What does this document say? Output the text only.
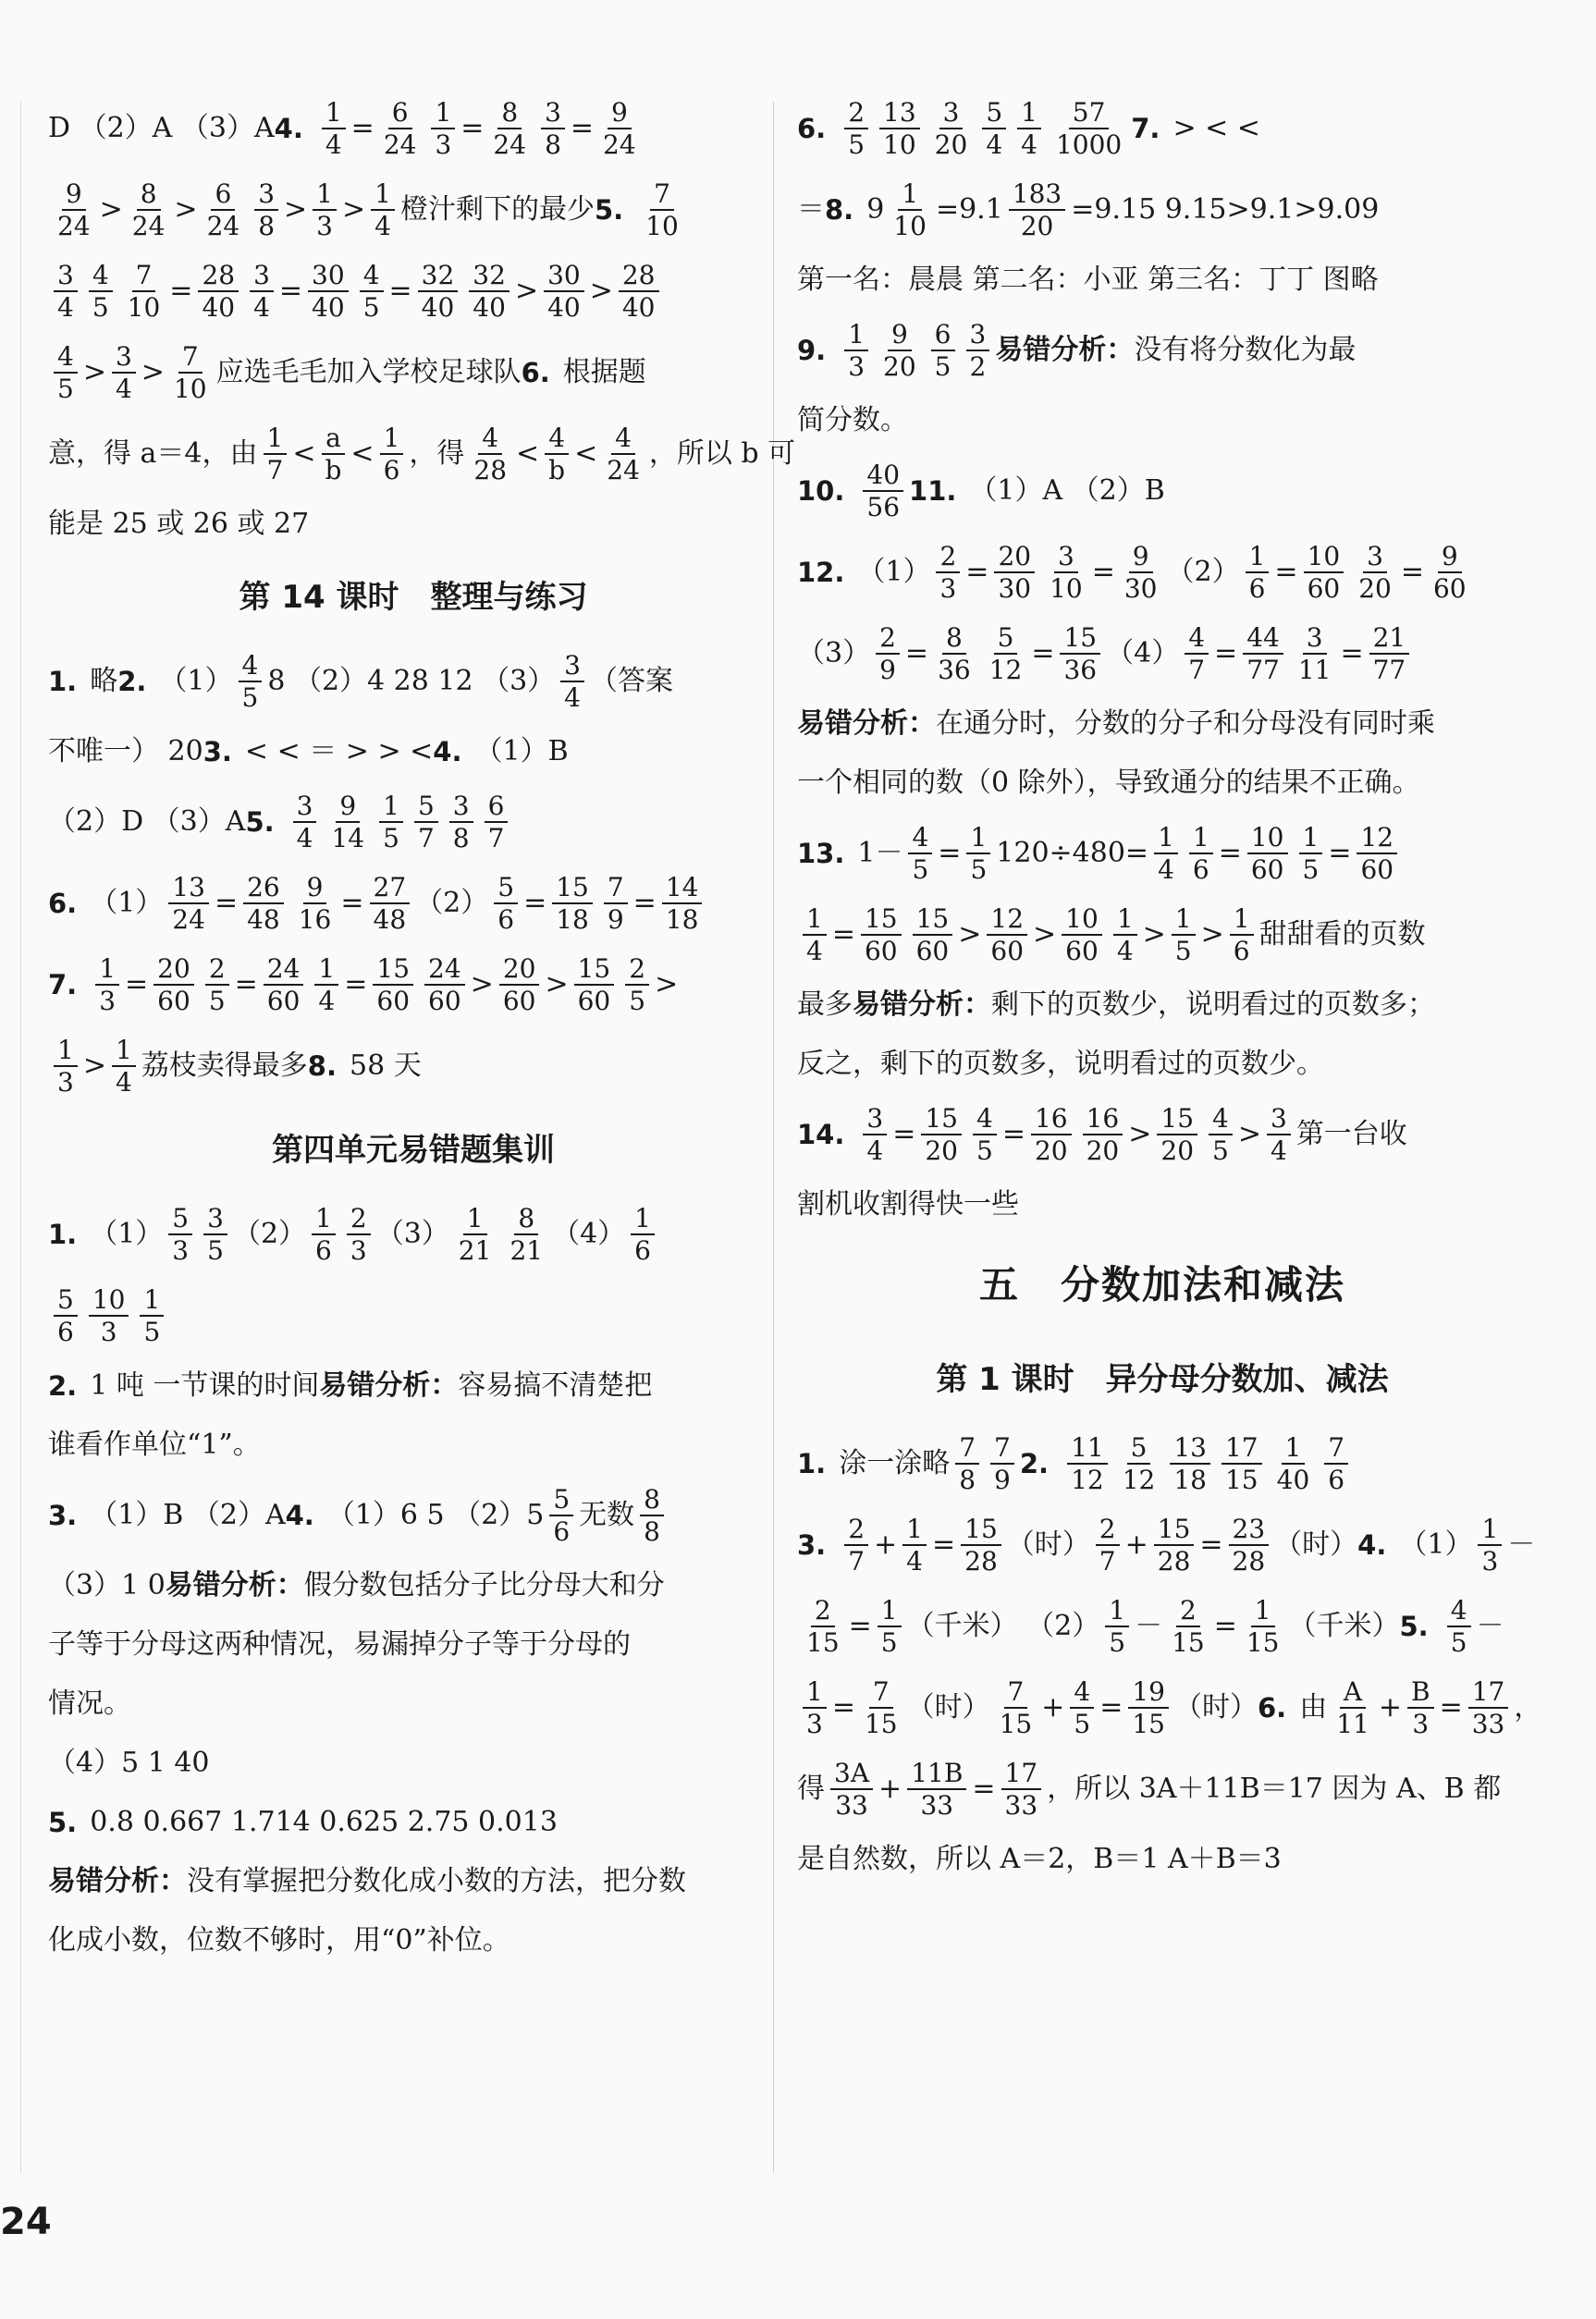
D （2）A （3）A 4. $\frac{1}{4} = \frac{6}{24} \frac{1}{3} = \frac{8}{24} \frac{3}{8} = \frac{9}{24}$
$\frac{9}{24} > \frac{8}{24} > \frac{6}{24} \frac{3}{8} > \frac{1}{3} > \frac{1}{4}$ 橙汁剩下的最少 5. $\frac{7}{10}$
$\frac{3}{4} \frac{4}{5} \frac{7}{10} = \frac{28}{40} \frac{3}{4} = \frac{30}{40} \frac{4}{5} = \frac{32}{40} \frac{32}{40} > \frac{30}{40} > \frac{28}{40}$
$\frac{4}{5} > \frac{3}{4} > \frac{7}{10}$ 应选毛毛加入学校足球队 6. 根据题
意，得 a＝4，由 $\frac{1}{7} < \frac{a}{b} < \frac{1}{6}$ ，得 $\frac{4}{28} < \frac{4}{b} < \frac{4}{24}$ ，所以 b 可
能是 25 或 26 或 27
第 14 课时　整理与练习
1. 略 2. $(1) \frac{4}{5} 8$ （2）4 28 12 $(3) \frac{3}{4}$ （答案
不唯一） 20 3. < < ＝ > > < 4. （1）B
（2）D （3）A 5. $\frac{3}{4} \frac{9}{14} \frac{1}{5} \frac{5}{7} \frac{3}{8} \frac{6}{7}$
6. $(1) \frac{13}{24} = \frac{26}{48} \frac{9}{16} = \frac{27}{48} (2) \frac{5}{6} = \frac{15}{18} \frac{7}{9} = \frac{14}{18}$
7. $\frac{1}{3} = \frac{20}{60} \frac{2}{5} = \frac{24}{60} \frac{1}{4} = \frac{15}{60} \frac{24}{60} > \frac{20}{60} > \frac{15}{60} \frac{2}{5}$ >
$\frac{1}{3} > \frac{1}{4}$ 荔枝卖得最多 8. 58 天
第四单元易错题集训
1. $(1) \frac{5}{3} \frac{3}{5} (2) \frac{1}{6} \frac{2}{3} (3) \frac{1}{21} \frac{8}{21} (4) \frac{1}{6}$
$\frac{5}{6} \frac{10}{3} \frac{1}{5}$
2. 1 吨 一节课的时间 易错分析： 容易搞不清楚把
谁看作单位“1”。
3. （1）B （2）A 4. （1）6 5 $(2)5 \frac{5}{6}$ 无数 $\frac{8}{8}$
（3）1 0 易错分析： 假分数包括分子比分母大和分
子等于分母这两种情况，易漏掉分子等于分母的
情况。
（4）5 1 40
5. 0.8 0.667 1.714 0.625 2.75 0.013
易错分析： 没有掌握把分数化成小数的方法，把分数
化成小数，位数不够时，用“0”补位。
6. $\frac{2}{5} \frac{13}{10} \frac{3}{20} \frac{5}{4} \frac{1}{4} \frac{57}{1000} 7$. > < <
＝ 8. $9 \frac{1}{10} =9.1 \frac{183}{20} =9.15$ 9.15>9.1>9.09
第一名：晨晨 第二名：小亚 第三名：丁丁 图略
9. $\frac{1}{3} \frac{9}{20} \frac{6}{5} \frac{3}{2}$ 易错分析： 没有将分数化为最
简分数。
10. $\frac{40}{56} 11$. （1）A （2）B
12. $(1) \frac{2}{3} = \frac{20}{30} \frac{3}{10} = \frac{9}{30} (2) \frac{1}{6} = \frac{10}{60} \frac{3}{20} = \frac{9}{60}$
$(3) \frac{2}{9} = \frac{8}{36} \frac{5}{12} = \frac{15}{36} (4) \frac{4}{7} = \frac{44}{77} \frac{3}{11} = \frac{21}{77}$
易错分析： 在通分时，分数的分子和分母没有同时乘
一个相同的数（0 除外），导致通分的结果不正确。
13. $1- \frac{4}{5} = \frac{1}{5} 120\div 480= \frac{1}{4} \frac{1}{6} = \frac{10}{60} \frac{1}{5} = \frac{12}{60}$
$\frac{1}{4} = \frac{15}{60} \frac{15}{60} > \frac{12}{60} > \frac{10}{60} \frac{1}{4} > \frac{1}{5} > \frac{1}{6}$ 甜甜看的页数
最多 易错分析： 剩下的页数少，说明看过的页数多；
反之，剩下的页数多，说明看过的页数少。
14. $\frac{3}{4} = \frac{15}{20} \frac{4}{5} = \frac{16}{20} \frac{16}{20} > \frac{15}{20} \frac{4}{5} > \frac{3}{4}$ 第一台收
割机收割得快一些
五　分数加法和减法
第 1 课时　异分母分数加、减法
1. 涂一涂略 $\frac{7}{8} \frac{7}{9} 2$. $\frac{11}{12} \frac{5}{12} \frac{13}{18} \frac{17}{15} \frac{1}{40} \frac{7}{6}$
3. $\frac{2}{7} + \frac{1}{4} = \frac{15}{28}$ （时） $\frac{2}{7} + \frac{15}{28} = \frac{23}{28}$ （时） 4. $(1) \frac{1}{3}$ －
$\frac{2}{15} = \frac{1}{5}$ （千米） $(2) \frac{1}{5} - \frac{2}{15} = \frac{1}{15}$ （千米） 5. $\frac{4}{5}$ －
$\frac{1}{3} = \frac{7}{15}$ （时） $\frac{7}{15} + \frac{4}{5} = \frac{19}{15}$ （时） 6. 由 $\frac{A}{11} + \frac{B}{3} = \frac{17}{33}$ ，
得 $\frac{3A}{33} + \frac{11B}{33} = \frac{17}{33}$ ，所以 3A＋11B＝17 因为 A、B 都
是自然数，所以 A＝2，B＝1 A＋B＝3
24
